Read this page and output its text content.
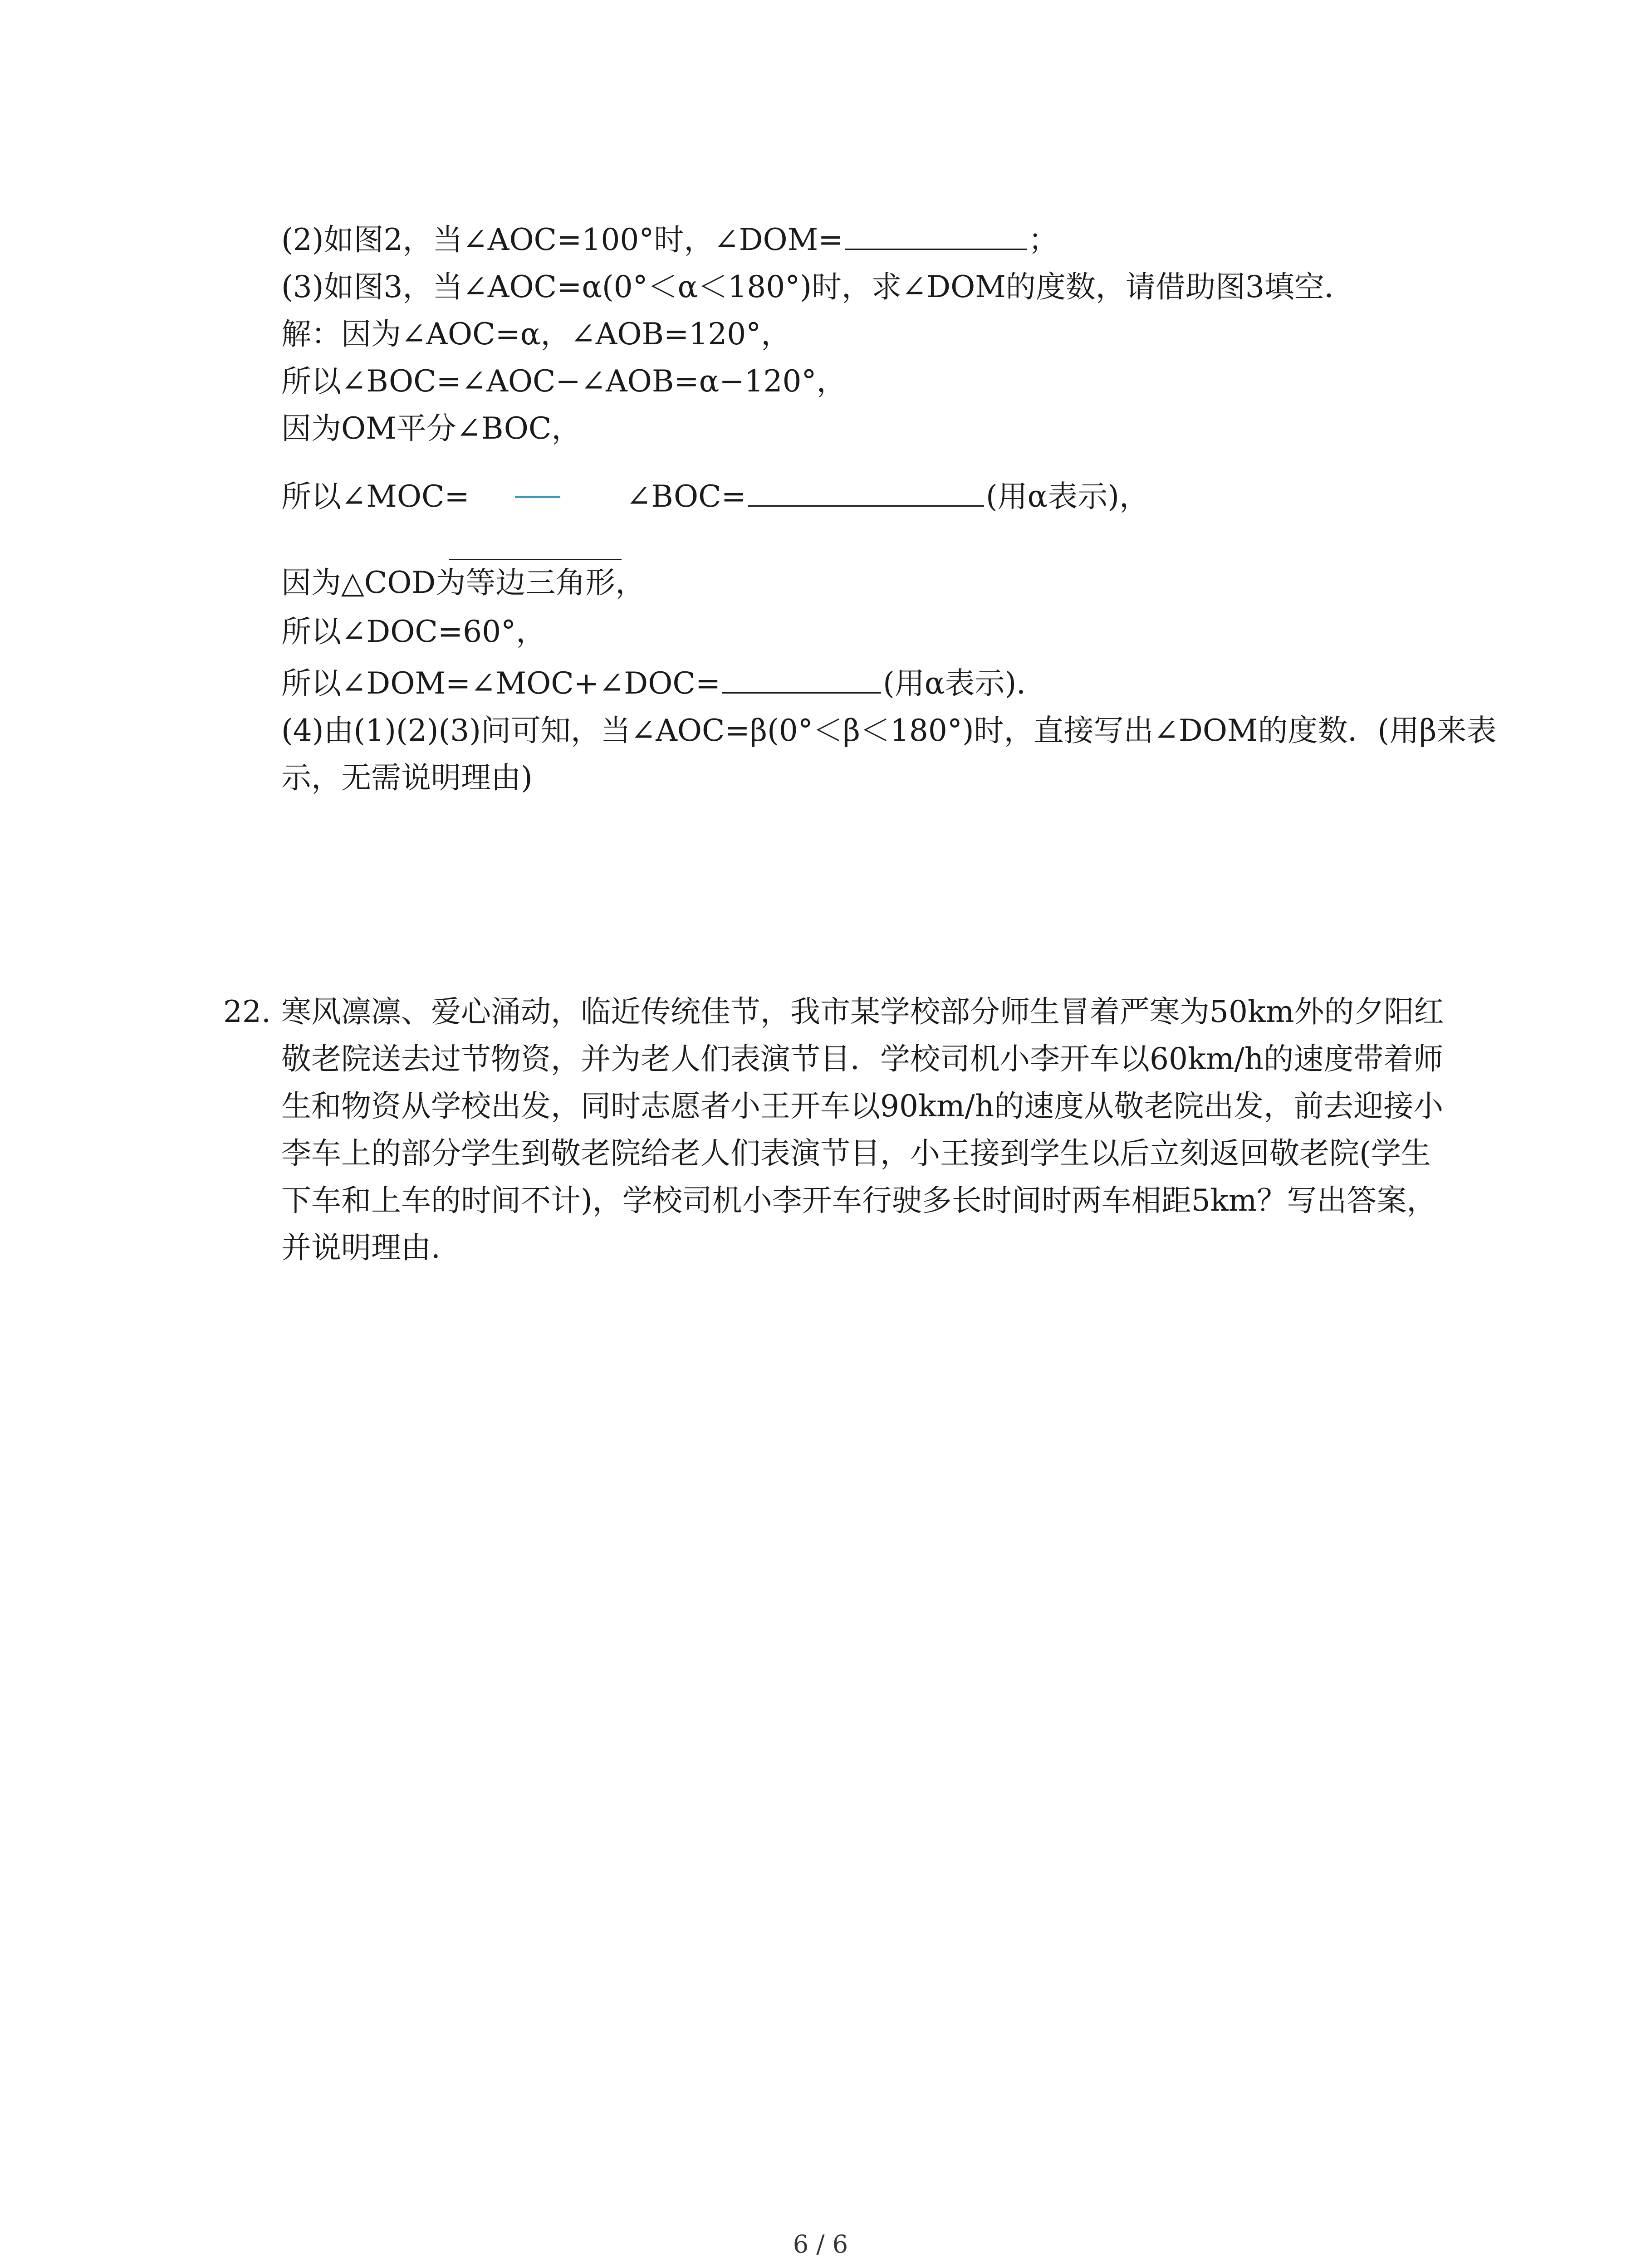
(2)如图2，当∠AOC=100°时，∠DOM=	；
(3)如图3，当∠AOC=α(0°＜α＜180°)时，求∠DOM的度数，请借助图3填空．
解：因为∠AOC=α，∠AOB=120°，
所以∠BOC=∠AOC−∠AOB=α−120°，
因为OM平分∠BOC，
所以∠MOC=	∠BOC=	(用α表示)，
因为△COD为等边三角形，
所以∠DOC=60°，
所以∠DOM=∠MOC+∠DOC=	(用α表示)．
(4)由(1)(2)(3)问可知，当∠AOC=β(0°＜β＜180°)时，直接写出∠DOM的度数．(用β来表
示，无需说明理由)
22. 寒风凛凛、爱心涌动，临近传统佳节，我市某学校部分师生冒着严寒为50km外的夕阳红
敬老院送去过节物资，并为老人们表演节目．学校司机小李开车以60km/h的速度带着师
生和物资从学校出发，同时志愿者小王开车以90km/h的速度从敬老院出发，前去迎接小
李车上的部分学生到敬老院给老人们表演节目，小王接到学生以后立刻返回敬老院(学生
下车和上车的时间不计)，学校司机小李开车行驶多长时间时两车相距5km？写出答案，
并说明理由．
6 / 6
